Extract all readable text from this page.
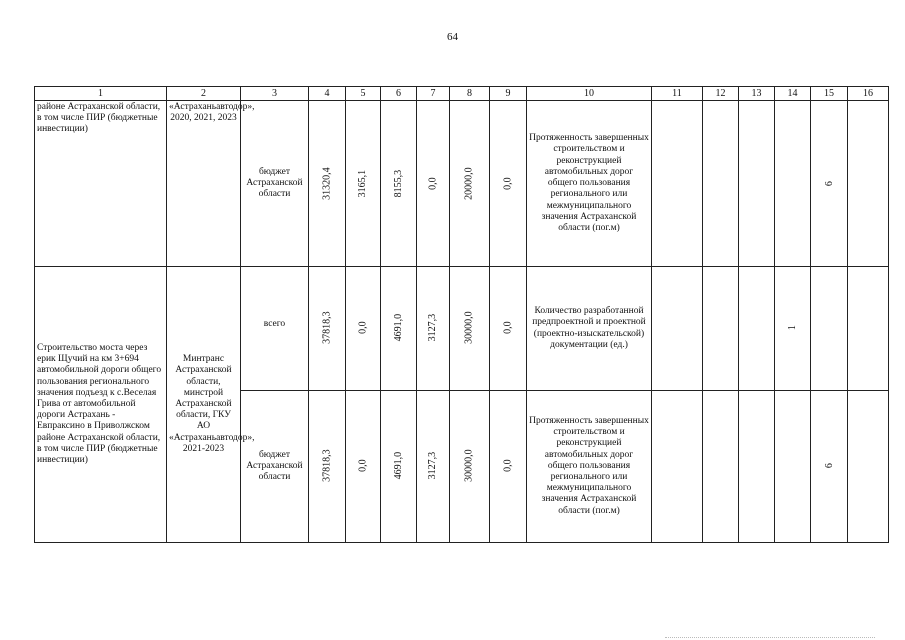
64
1	2	3	4	5	6	7	8	9	10	11	12	13	14	15	16
районе Астраханской области, в том числе ПИР (бюджетные инвестиции)	«Астраханьавтодор», 2020, 2021, 2023	бюджет Астраханской области	31320,4	3165,1	8155,3	0,0	20000,0	0,0	Протяженность завершенных строительством и реконструкцией автомобильных дорог общего пользования регионального или межмуниципального значения Астраханской области (пог.м)					6	
Строительство моста через ерик Щучий на км 3+694 автомобильной дороги общего пользования регионального значения подъезд к с.Веселая Грива от автомобильной дороги Астрахань - Евпраксино в Приволжском районе Астраханской области, в том числе ПИР (бюджетные инвестиции)	Минтранс Астраханской области, минстрой Астраханской области, ГКУ АО «Астраханьавтодор», 2021-2023	всего	37818,3	0,0	4691,0	3127,3	30000,0	0,0	Количество разработанной предпроектной и проектной (проектно-изыскательской) документации (ед.)				1		
		бюджет Астраханской области	37818,3	0,0	4691,0	3127,3	30000,0	0,0	Протяженность завершенных строительством и реконструкцией автомобильных дорог общего пользования регионального или межмуниципального значения Астраханской области (пог.м)					6	
